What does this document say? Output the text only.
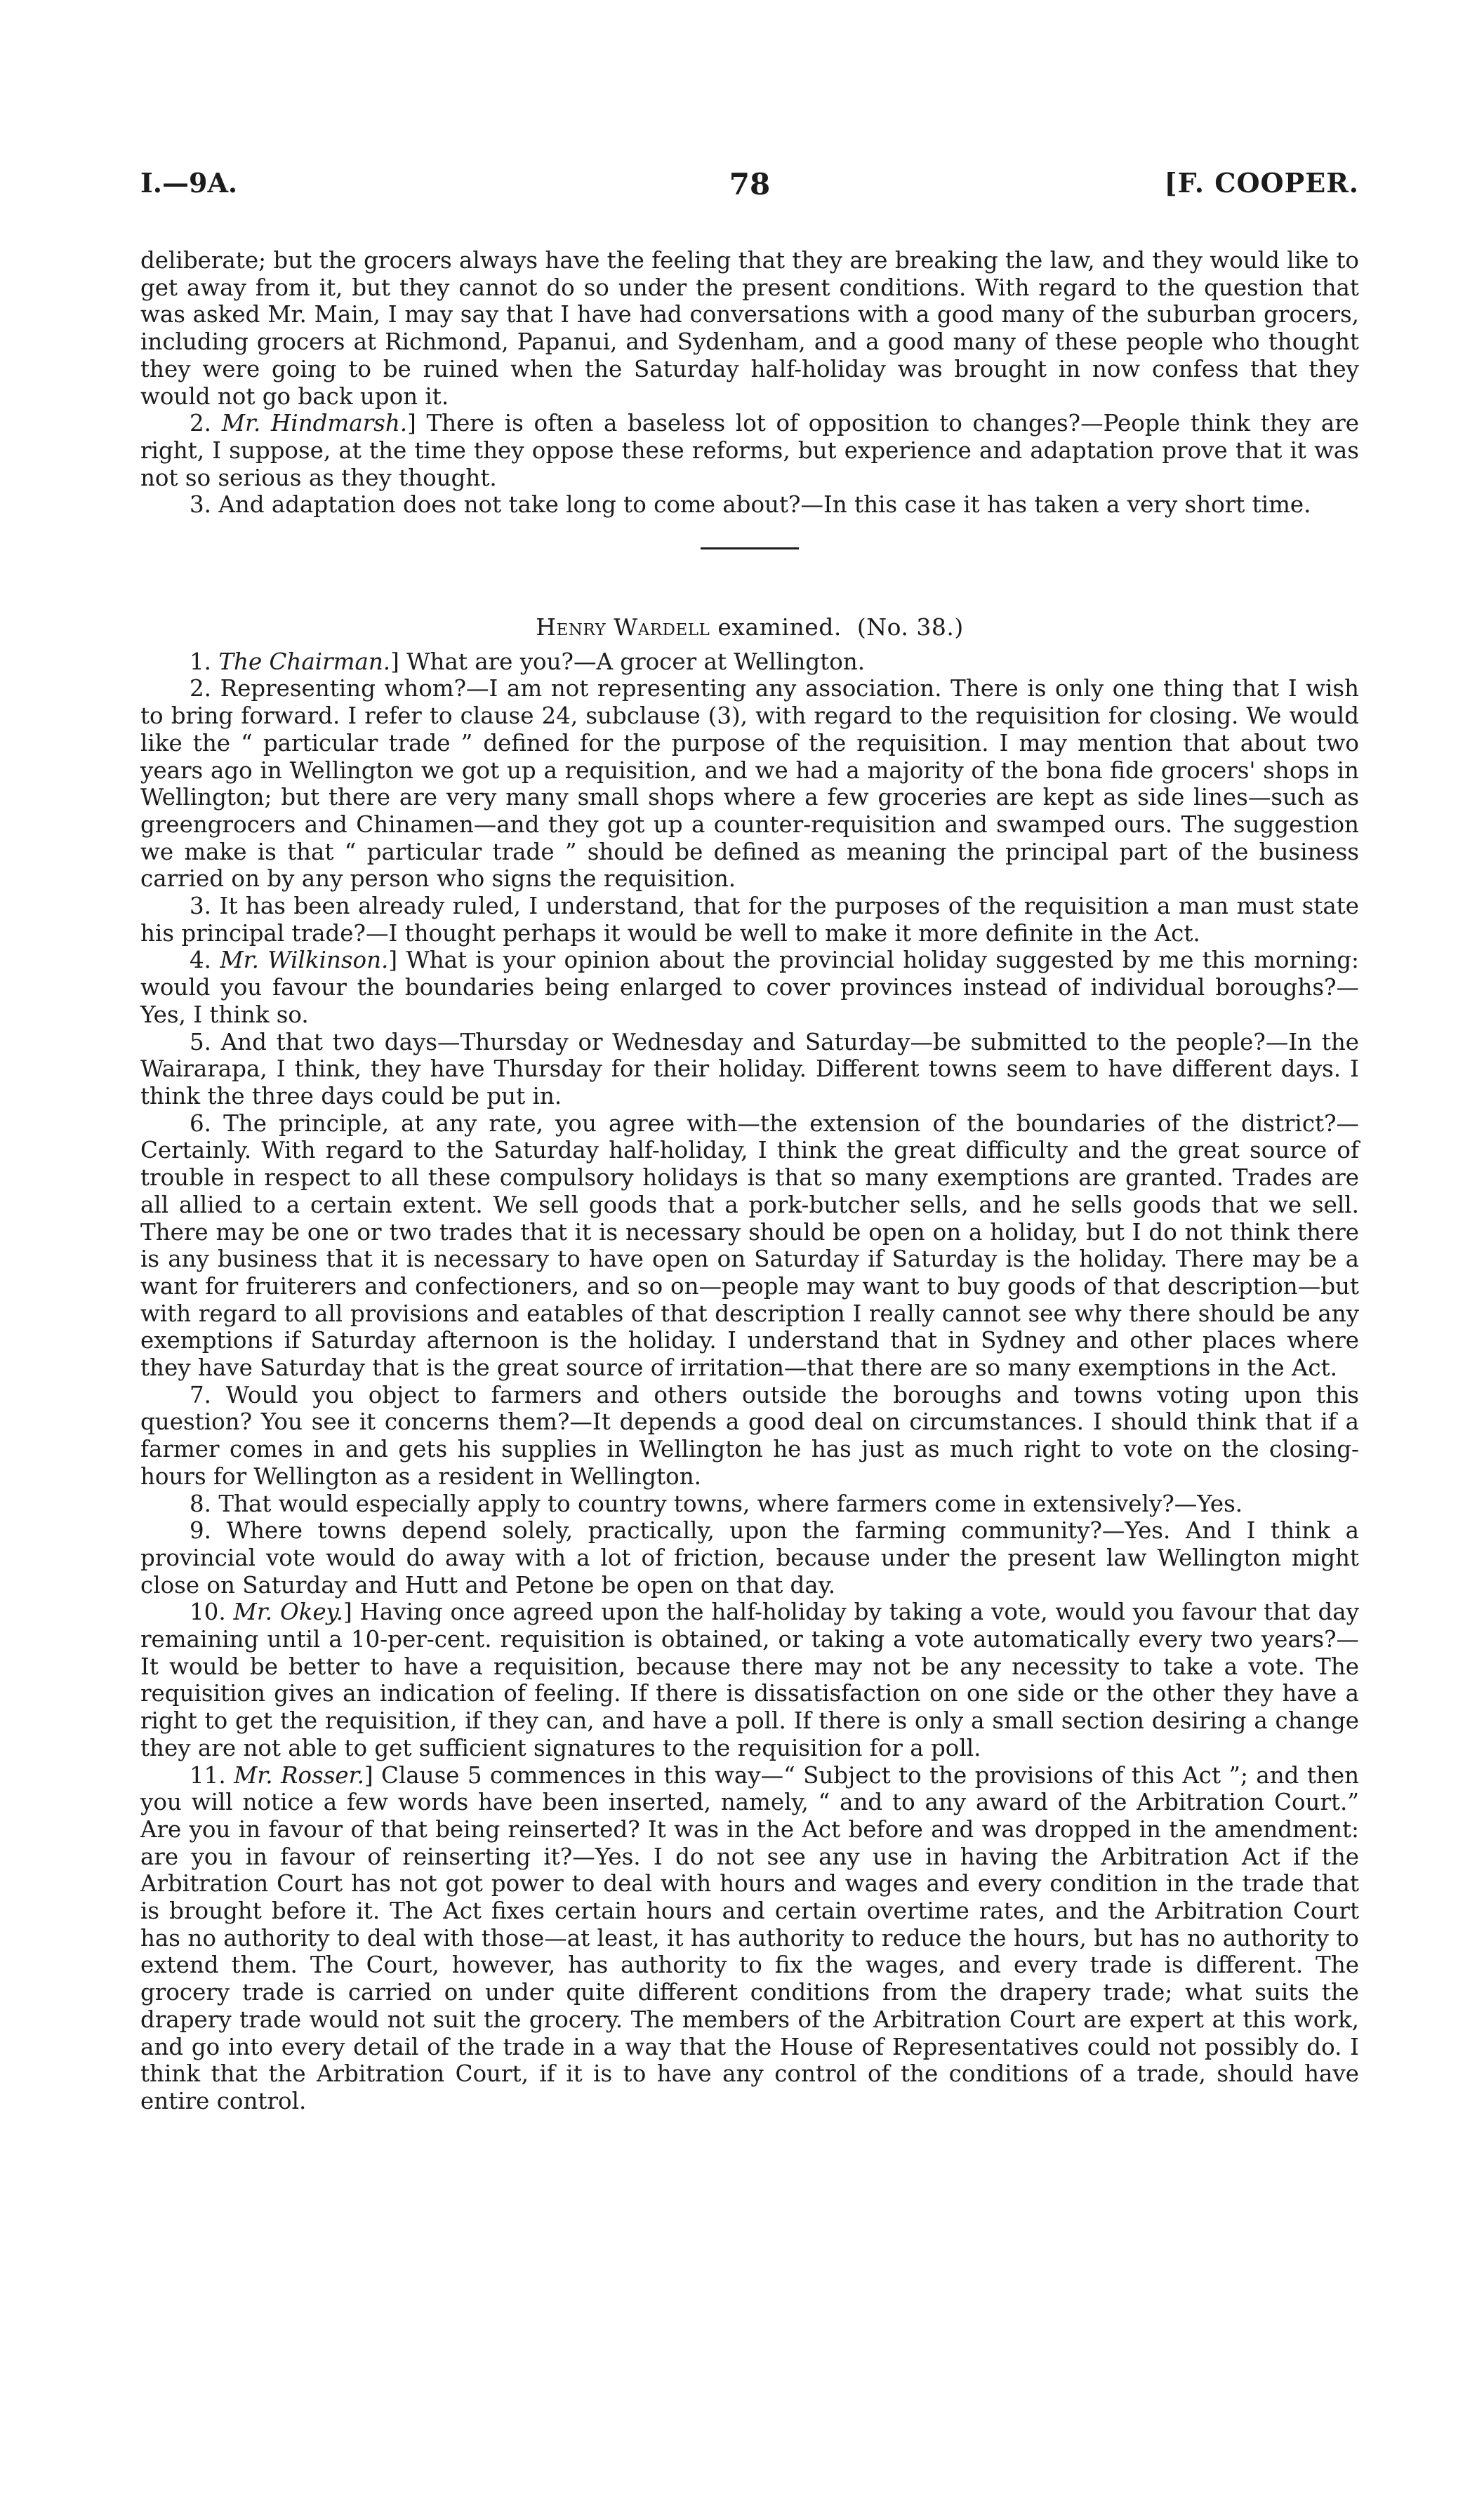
I.—9A.	78	[F. COOPER.

deliberate; but the grocers always have the feeling that they are breaking the law, and they would like to get away from it, but they cannot do so under the present conditions. With regard to the question that was asked Mr. Main, I may say that I have had conversations with a good many of the suburban grocers, including grocers at Richmond, Papanui, and Sydenham, and a good many of these people who thought they were going to be ruined when the Saturday half-holiday was brought in now confess that they would not go back upon it.

2. Mr. Hindmarsh.] There is often a baseless lot of opposition to changes?—People think they are right, I suppose, at the time they oppose these reforms, but experience and adaptation prove that it was not so serious as they thought.

3. And adaptation does not take long to come about?—In this case it has taken a very short time.

Henry Wardell examined. (No. 38.)

1. The Chairman.] What are you?—A grocer at Wellington.

2. Representing whom?—I am not representing any association. There is only one thing that I wish to bring forward. I refer to clause 24, subclause (3), with regard to the requisition for closing. We would like the “ particular trade ” defined for the purpose of the requisition. I may mention that about two years ago in Wellington we got up a requisition, and we had a majority of the bona fide grocers' shops in Wellington; but there are very many small shops where a few groceries are kept as side lines—such as greengrocers and Chinamen—and they got up a counter-requisition and swamped ours. The suggestion we make is that “ particular trade ” should be defined as meaning the principal part of the business carried on by any person who signs the requisition.

3. It has been already ruled, I understand, that for the purposes of the requisition a man must state his principal trade?—I thought perhaps it would be well to make it more definite in the Act.

4. Mr. Wilkinson.] What is your opinion about the provincial holiday suggested by me this morning: would you favour the boundaries being enlarged to cover provinces instead of individual boroughs?—Yes, I think so.

5. And that two days—Thursday or Wednesday and Saturday—be submitted to the people?—In the Wairarapa, I think, they have Thursday for their holiday. Different towns seem to have different days. I think the three days could be put in.

6. The principle, at any rate, you agree with—the extension of the boundaries of the district?—Certainly. With regard to the Saturday half-holiday, I think the great difficulty and the great source of trouble in respect to all these compulsory holidays is that so many exemptions are granted. Trades are all allied to a certain extent. We sell goods that a pork-butcher sells, and he sells goods that we sell. There may be one or two trades that it is necessary should be open on a holiday, but I do not think there is any business that it is necessary to have open on Saturday if Saturday is the holiday. There may be a want for fruiterers and confectioners, and so on—people may want to buy goods of that description—but with regard to all provisions and eatables of that description I really cannot see why there should be any exemptions if Saturday afternoon is the holiday. I understand that in Sydney and other places where they have Saturday that is the great source of irritation—that there are so many exemptions in the Act.

7. Would you object to farmers and others outside the boroughs and towns voting upon this question? You see it concerns them?—It depends a good deal on circumstances. I should think that if a farmer comes in and gets his supplies in Wellington he has just as much right to vote on the closing-hours for Wellington as a resident in Wellington.

8. That would especially apply to country towns, where farmers come in extensively?—Yes.

9. Where towns depend solely, practically, upon the farming community?—Yes. And I think a provincial vote would do away with a lot of friction, because under the present law Wellington might close on Saturday and Hutt and Petone be open on that day.

10. Mr. Okey.] Having once agreed upon the half-holiday by taking a vote, would you favour that day remaining until a 10-per-cent. requisition is obtained, or taking a vote automatically every two years?—It would be better to have a requisition, because there may not be any necessity to take a vote. The requisition gives an indication of feeling. If there is dissatisfaction on one side or the other they have a right to get the requisition, if they can, and have a poll. If there is only a small section desiring a change they are not able to get sufficient signatures to the requisition for a poll.

11. Mr. Rosser.] Clause 5 commences in this way—“ Subject to the provisions of this Act ”; and then you will notice a few words have been inserted, namely, “ and to any award of the Arbitration Court.” Are you in favour of that being reinserted? It was in the Act before and was dropped in the amendment: are you in favour of reinserting it?—Yes. I do not see any use in having the Arbitration Act if the Arbitration Court has not got power to deal with hours and wages and every condition in the trade that is brought before it. The Act fixes certain hours and certain overtime rates, and the Arbitration Court has no authority to deal with those—at least, it has authority to reduce the hours, but has no authority to extend them. The Court, however, has authority to fix the wages, and every trade is different. The grocery trade is carried on under quite different conditions from the drapery trade; what suits the drapery trade would not suit the grocery. The members of the Arbitration Court are expert at this work, and go into every detail of the trade in a way that the House of Representatives could not possibly do. I think that the Arbitration Court, if it is to have any control of the conditions of a trade, should have entire control.
